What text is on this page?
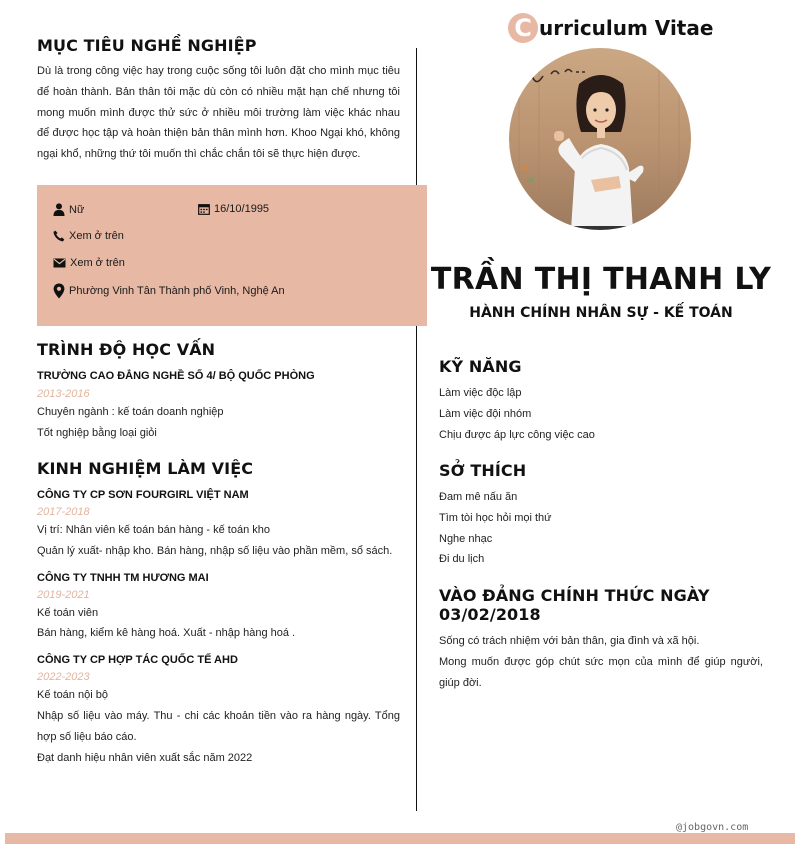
MỤC TIÊU NGHỀ NGHIỆP
Dù là trong công việc hay trong cuộc sống tôi luôn đặt cho mình mục tiêu để hoàn thành. Bản thân tôi mặc dù còn có nhiều mặt hạn chế nhưng tôi mong muốn mình được thử sức ở nhiều môi trường làm việc khác nhau để được học tập và hoàn thiện bản thân mình hơn. Khoo Ngại khó, không ngại khổ, những thứ tôi muốn thì chắc chắn tôi sẽ thực hiện được.
Nữ	16/10/1995
Xem ở trên
Xem ở trên
Phường Vinh Tân Thành phố Vinh, Nghệ An
TRÌNH ĐỘ HỌC VẤN
TRƯỜNG CAO ĐẲNG NGHỀ SỐ 4/ BỘ QUỐC PHÒNG
2013-2016
Chuyên ngành : kế toán doanh nghiệp
Tốt nghiệp bằng loại giỏi
KINH NGHIỆM LÀM VIỆC
CÔNG TY CP SƠN FOURGIRL VIỆT NAM
2017-2018
Vị trí: Nhân viên kế toán bán hàng - kế toán kho
Quản lý xuất- nhập kho. Bán hàng, nhập số liệu vào phần mềm, sổ sách.
CÔNG TY TNHH TM HƯƠNG MAI
2019-2021
Kế toán viên
Bán hàng, kiểm kê hàng hoá. Xuất - nhập hàng hoá .
CÔNG TY CP HỢP TÁC QUỐC TẾ AHD
2022-2023
Kế toán nội bộ
Nhập số liệu vào máy. Thu - chi các khoản tiền vào ra hàng ngày. Tổng hợp số liệu báo cáo.
Đạt danh hiệu nhân viên xuất sắc năm 2022
C urriculum Vitae
TRẦN THỊ THANH LY
HÀNH CHÍNH NHÂN SỰ - KẾ TOÁN
KỸ NĂNG
Làm việc độc lập
Làm việc đội nhóm
Chịu được áp lực công việc cao
SỞ THÍCH
Đam mê nấu ăn
Tìm tòi học hỏi mọi thứ
Nghe nhạc
Đi du lịch
VÀO ĐẢNG CHÍNH THỨC NGÀY 03/02/2018
Sống có trách nhiệm với bản thân, gia đình và xã hội.
Mong muốn được góp chút sức mọn của mình để giúp người, giúp đời.
@jobgovn.com
